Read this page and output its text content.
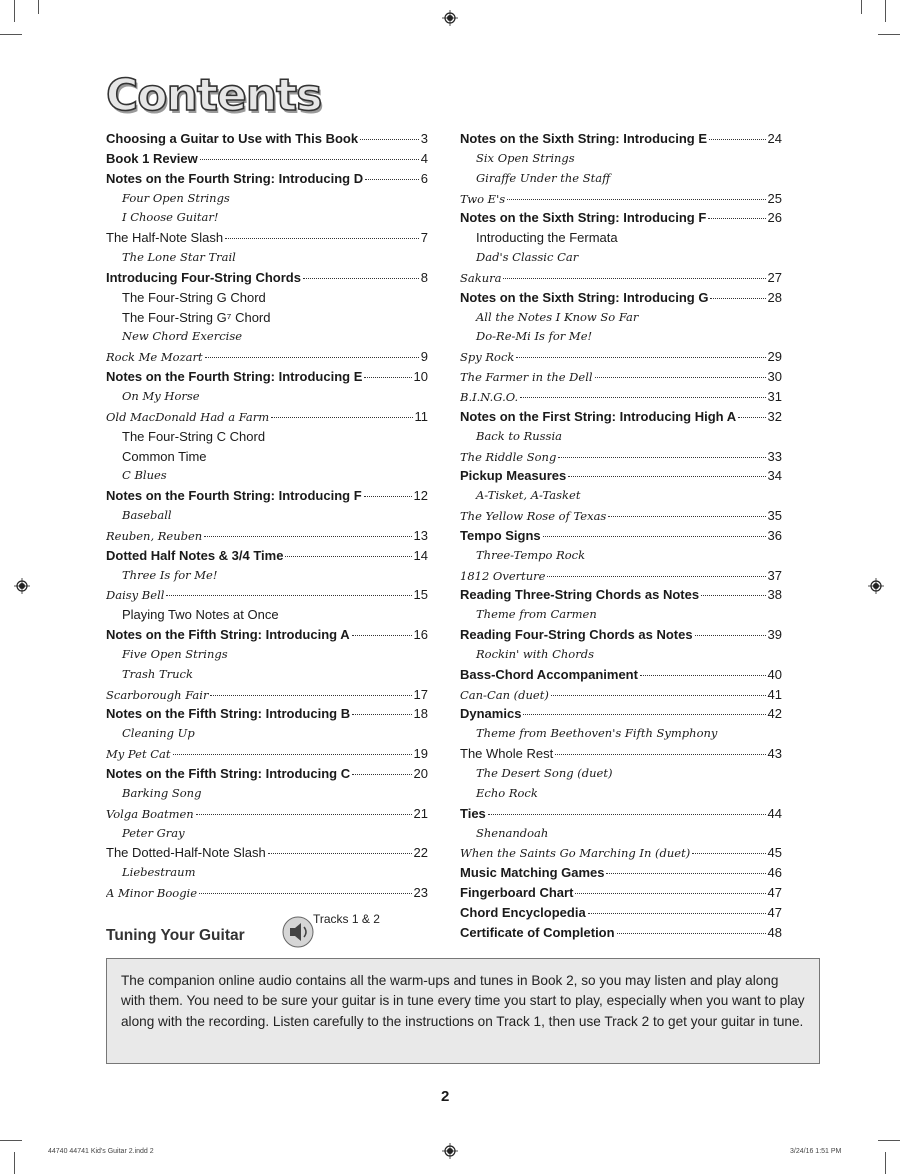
Contents
Choosing a Guitar to Use with This Book	3
Book 1 Review	4
Notes on the Fourth String: Introducing D	6
Four Open Strings
I Choose Guitar!
The Half-Note Slash	7
The Lone Star Trail
Introducing Four-String Chords	8
The Four-String G Chord
The Four-String G⁷ Chord
New Chord Exercise
Rock Me Mozart	9
Notes on the Fourth String: Introducing E	10
On My Horse
Old MacDonald Had a Farm	11
The Four-String C Chord
Common Time
C Blues
Notes on the Fourth String: Introducing F	12
Baseball
Reuben, Reuben	13
Dotted Half Notes & 3/4 Time	14
Three Is for Me!
Daisy Bell	15
Playing Two Notes at Once
Notes on the Fifth String: Introducing A	16
Five Open Strings
Trash Truck
Scarborough Fair	17
Notes on the Fifth String: Introducing B	18
Cleaning Up
My Pet Cat	19
Notes on the Fifth String: Introducing C	20
Barking Song
Volga Boatmen	21
Peter Gray
The Dotted-Half-Note Slash	22
Liebestraum
A Minor Boogie	23
Notes on the Sixth String: Introducing E	24
Six Open Strings
Giraffe Under the Staff
Two E's	25
Notes on the Sixth String: Introducing F	26
Introducting the Fermata
Dad's Classic Car
Sakura	27
Notes on the Sixth String: Introducing G	28
All the Notes I Know So Far
Do-Re-Mi Is for Me!
Spy Rock	29
The Farmer in the Dell	30
B.I.N.G.O.	31
Notes on the First String: Introducing High A 32
Back to Russia
The Riddle Song	33
Pickup Measures	34
A-Tisket, A-Tasket
The Yellow Rose of Texas	35
Tempo Signs	36
Three-Tempo Rock
1812 Overture	37
Reading Three-String Chords as Notes	38
Theme from Carmen
Reading Four-String Chords as Notes	39
Rockin' with Chords
Bass-Chord Accompaniment	40
Can-Can (duet)	41
Dynamics	42
Theme from Beethoven's Fifth Symphony
The Whole Rest	43
The Desert Song (duet)
Echo Rock
Ties	44
Shenandoah
When the Saints Go Marching In (duet)	45
Music Matching Games	46
Fingerboard Chart	47
Chord Encyclopedia	47
Certificate of Completion	48
Tuning Your Guitar
Tracks 1 & 2
The companion online audio contains all the warm-ups and tunes in Book 2, so you may listen and play along with them. You need to be sure your guitar is in tune every time you start to play, especially when you want to play along with the recording. Listen carefully to the instructions on Track 1, then use Track 2 to get your guitar in tune.
2
44740 44741 Kid's Guitar 2.indd 2	3/24/16 1:51 PM
